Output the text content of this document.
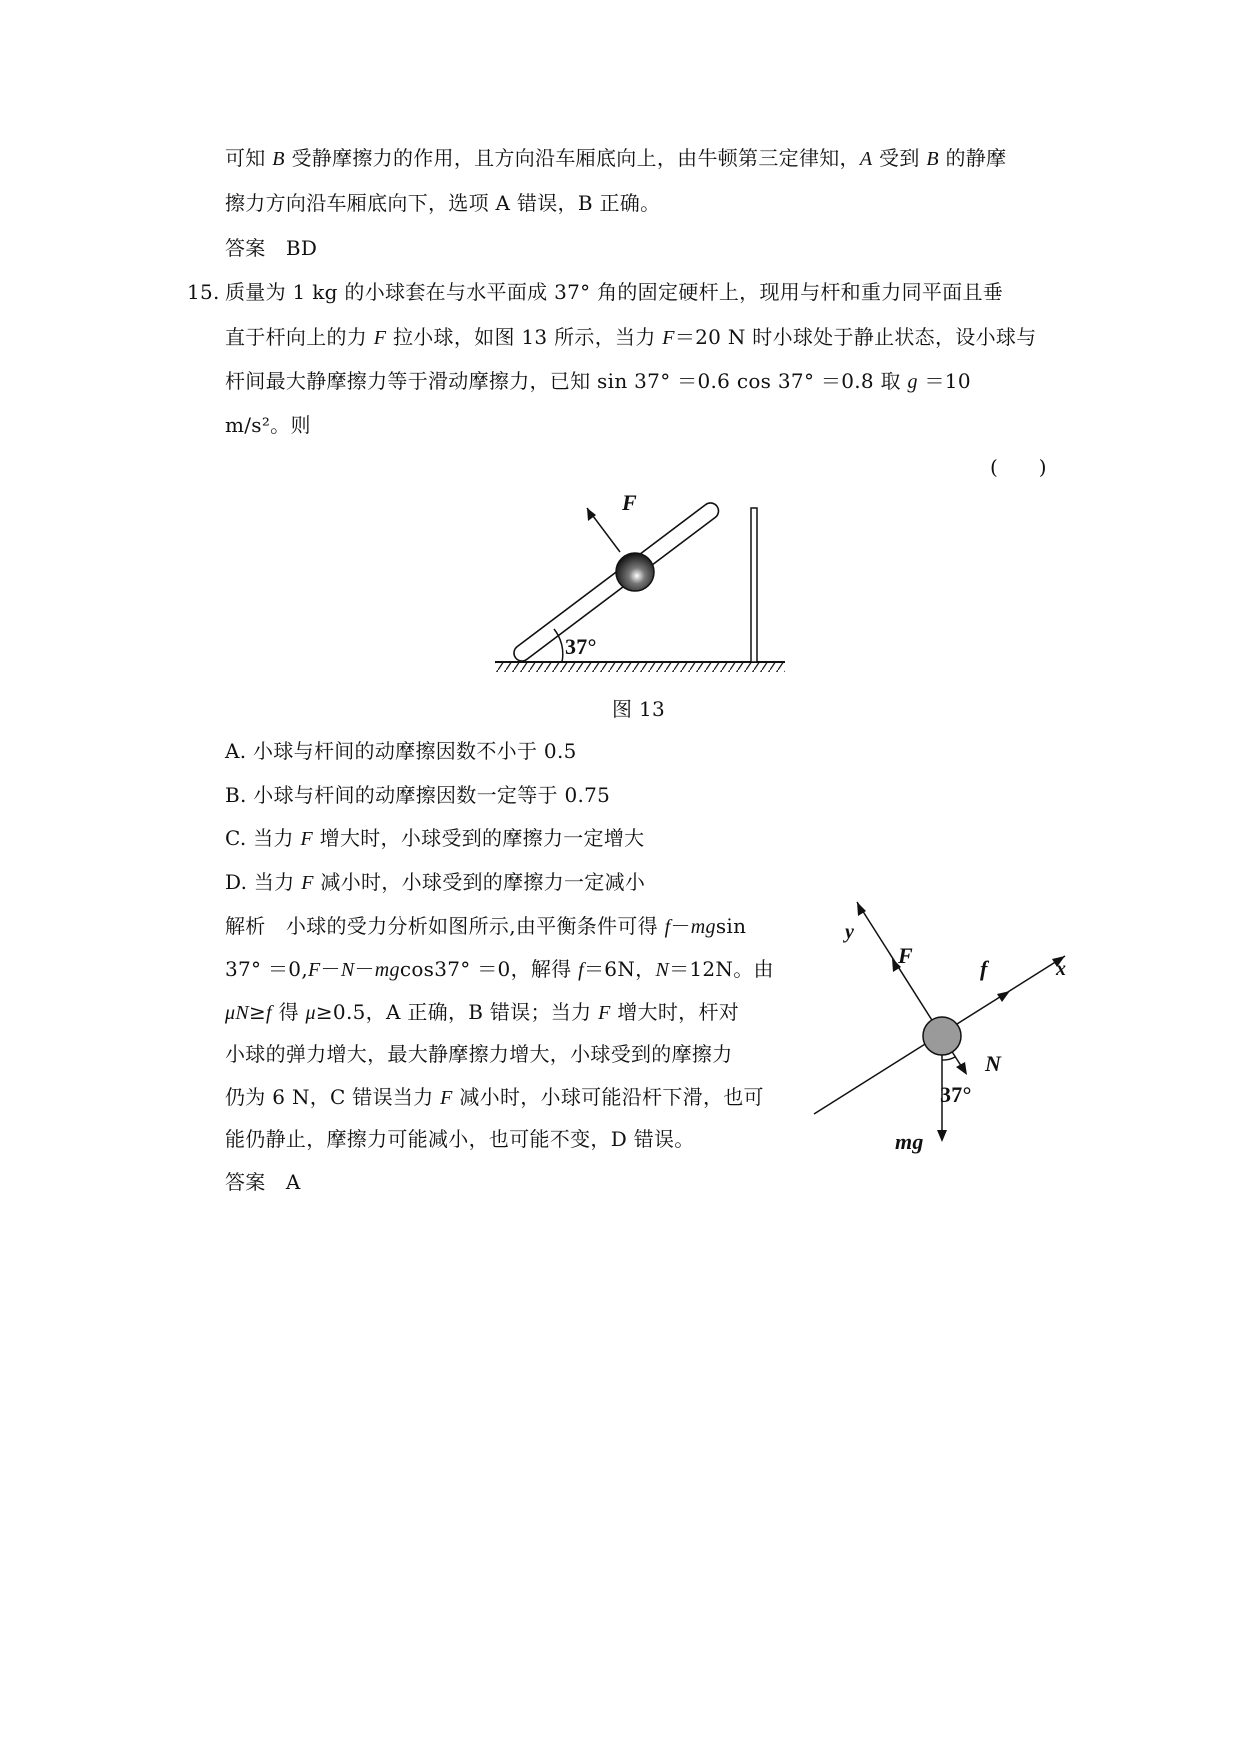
可知 B 受静摩擦力的作用，且方向沿车厢底向上，由牛顿第三定律知，A 受到 B 的静摩
擦力方向沿车厢底向下，选项 A 错误，B 正确。
答案　BD
15. 质量为 1 kg 的小球套在与水平面成 37° 角的固定硬杆上，现用与杆和重力同平面且垂
直于杆向上的力 F 拉小球，如图 13 所示，当力 F＝20 N 时小球处于静止状态，设小球与
杆间最大静摩擦力等于滑动摩擦力，已知 sin 37° ＝0.6 cos 37° ＝0.8 取 g ＝10
m/s²。则
(　　)
F
37°
图 13
A. 小球与杆间的动摩擦因数不小于 0.5
B. 小球与杆间的动摩擦因数一定等于 0.75
C. 当力 F 增大时，小球受到的摩擦力一定增大
D. 当力 F 减小时，小球受到的摩擦力一定减小
解析　小球的受力分析如图所示,由平衡条件可得 f－mgsin
37° ＝0,F－N－mgcos37° ＝0，解得 f＝6N，N＝12N。由
μN≥f 得 μ≥0.5，A 正确，B 错误；当力 F 增大时，杆对
小球的弹力增大，最大静摩擦力增大，小球受到的摩擦力
仍为 6 N，C 错误当力 F 减小时，小球可能沿杆下滑，也可
能仍静止，摩擦力可能减小，也可能不变，D 错误。
答案　A
y
F
f	x
N
37°
mg
